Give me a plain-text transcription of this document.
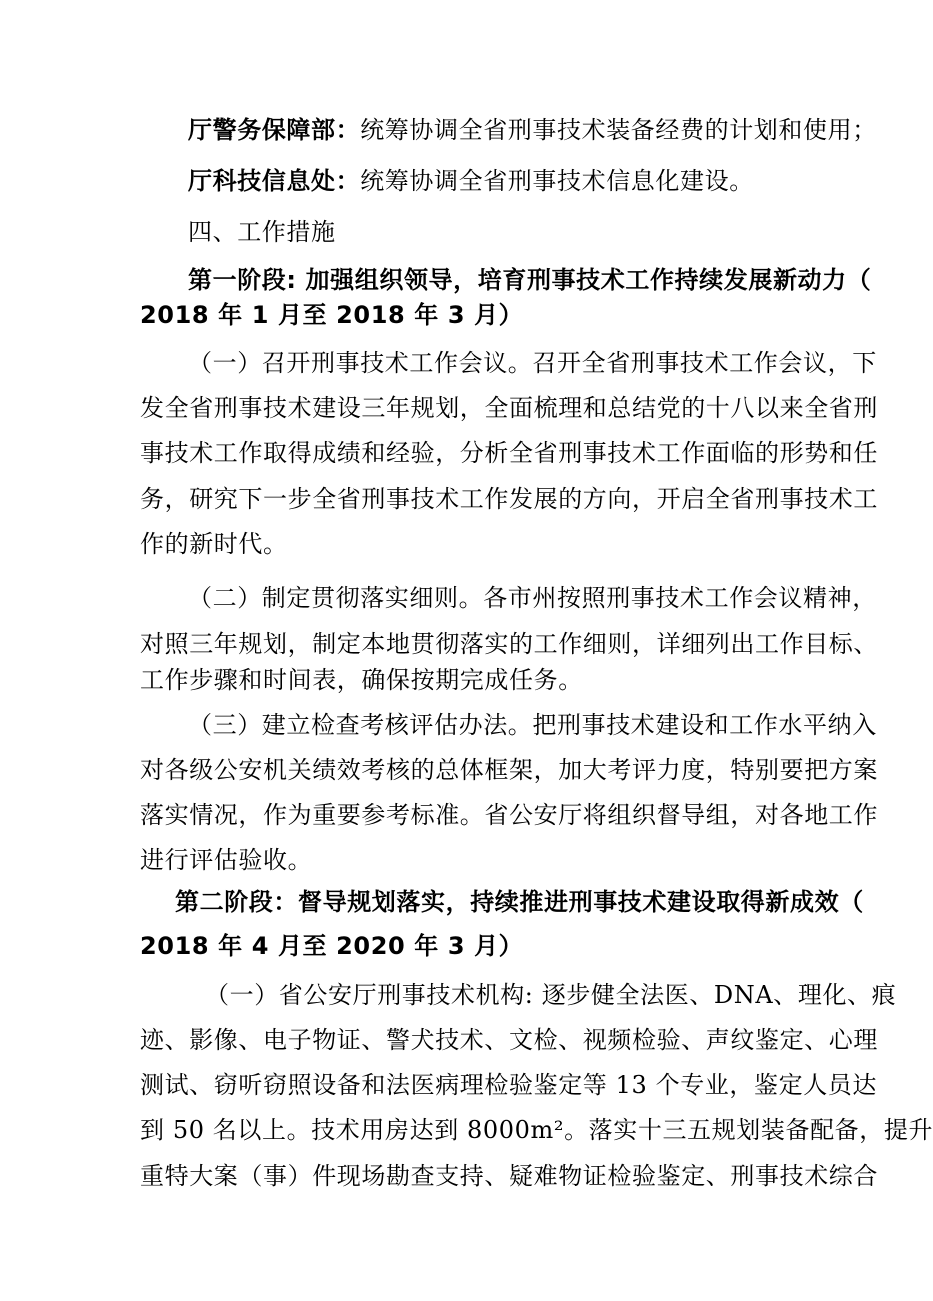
厅警务保障部：统筹协调全省刑事技术装备经费的计划和使用；
厅科技信息处：统筹协调全省刑事技术信息化建设。
四、工作措施
第一阶段: 加强组织领导，培育刑事技术工作持续发展新动力（
2018 年 1 月至 2018 年 3 月）
（一）召开刑事技术工作会议。召开全省刑事技术工作会议，下
发全省刑事技术建设三年规划，全面梳理和总结党的十八以来全省刑
事技术工作取得成绩和经验，分析全省刑事技术工作面临的形势和任
务，研究下一步全省刑事技术工作发展的方向，开启全省刑事技术工
作的新时代。
（二）制定贯彻落实细则。各市州按照刑事技术工作会议精神，
对照三年规划，制定本地贯彻落实的工作细则，详细列出工作目标、
工作步骤和时间表，确保按期完成任务。
（三）建立检查考核评估办法。把刑事技术建设和工作水平纳入
对各级公安机关绩效考核的总体框架，加大考评力度，特别要把方案
落实情况，作为重要参考标准。省公安厅将组织督导组，对各地工作
进行评估验收。
第二阶段：督导规划落实，持续推进刑事技术建设取得新成效（
2018 年 4 月至 2020 年 3 月）
（一）省公安厅刑事技术机构: 逐步健全法医、DNA、理化、痕
迹、影像、电子物证、警犬技术、文检、视频检验、声纹鉴定、心理
测试、窃听窃照设备和法医病理检验鉴定等 13 个专业，鉴定人员达
到 50 名以上。技术用房达到 8000m²。落实十三五规划装备配备，提升
重特大案（事）件现场勘查支持、疑难物证检验鉴定、刑事技术综合
